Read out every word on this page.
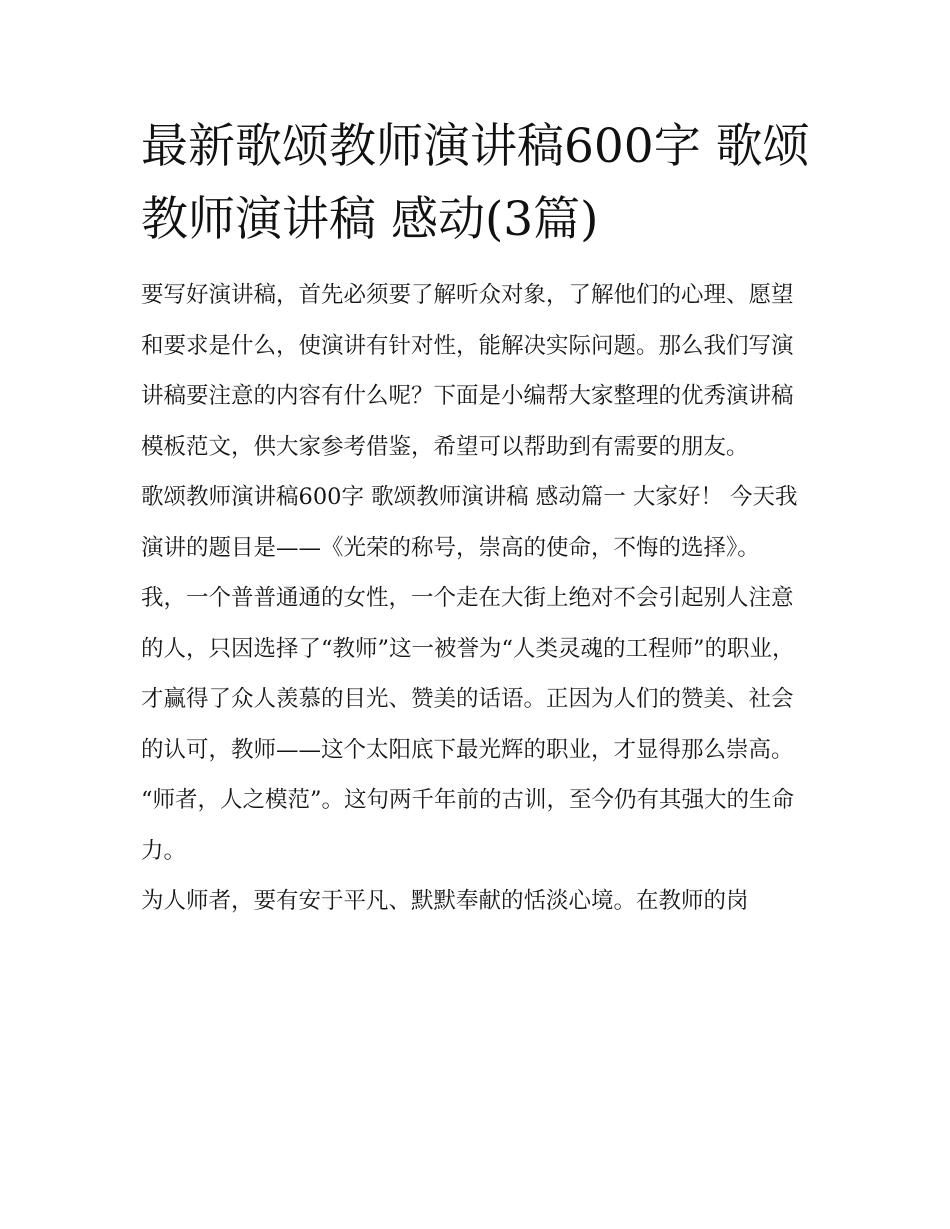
最新歌颂教师演讲稿600字 歌颂教师演讲稿 感动(3篇)

要写好演讲稿，首先必须要了解听众对象，了解他们的心理、愿望和要求是什么，使演讲有针对性，能解决实际问题。那么我们写演讲稿要注意的内容有什么呢？下面是小编帮大家整理的优秀演讲稿模板范文，供大家参考借鉴，希望可以帮助到有需要的朋友。

歌颂教师演讲稿600字 歌颂教师演讲稿 感动篇一 大家好！ 今天我演讲的题目是——《光荣的称号，崇高的使命，不悔的选择》。

我，一个普普通通的女性，一个走在大街上绝对不会引起别人注意的人，只因选择了“教师”这一被誉为“人类灵魂的工程师”的职业，才赢得了众人羡慕的目光、赞美的话语。正因为人们的赞美、社会的认可，教师——这个太阳底下最光辉的职业，才显得那么崇高。

“师者，人之模范”。这句两千年前的古训，至今仍有其强大的生命力。

为人师者，要有安于平凡、默默奉献的恬淡心境。在教师的岗
